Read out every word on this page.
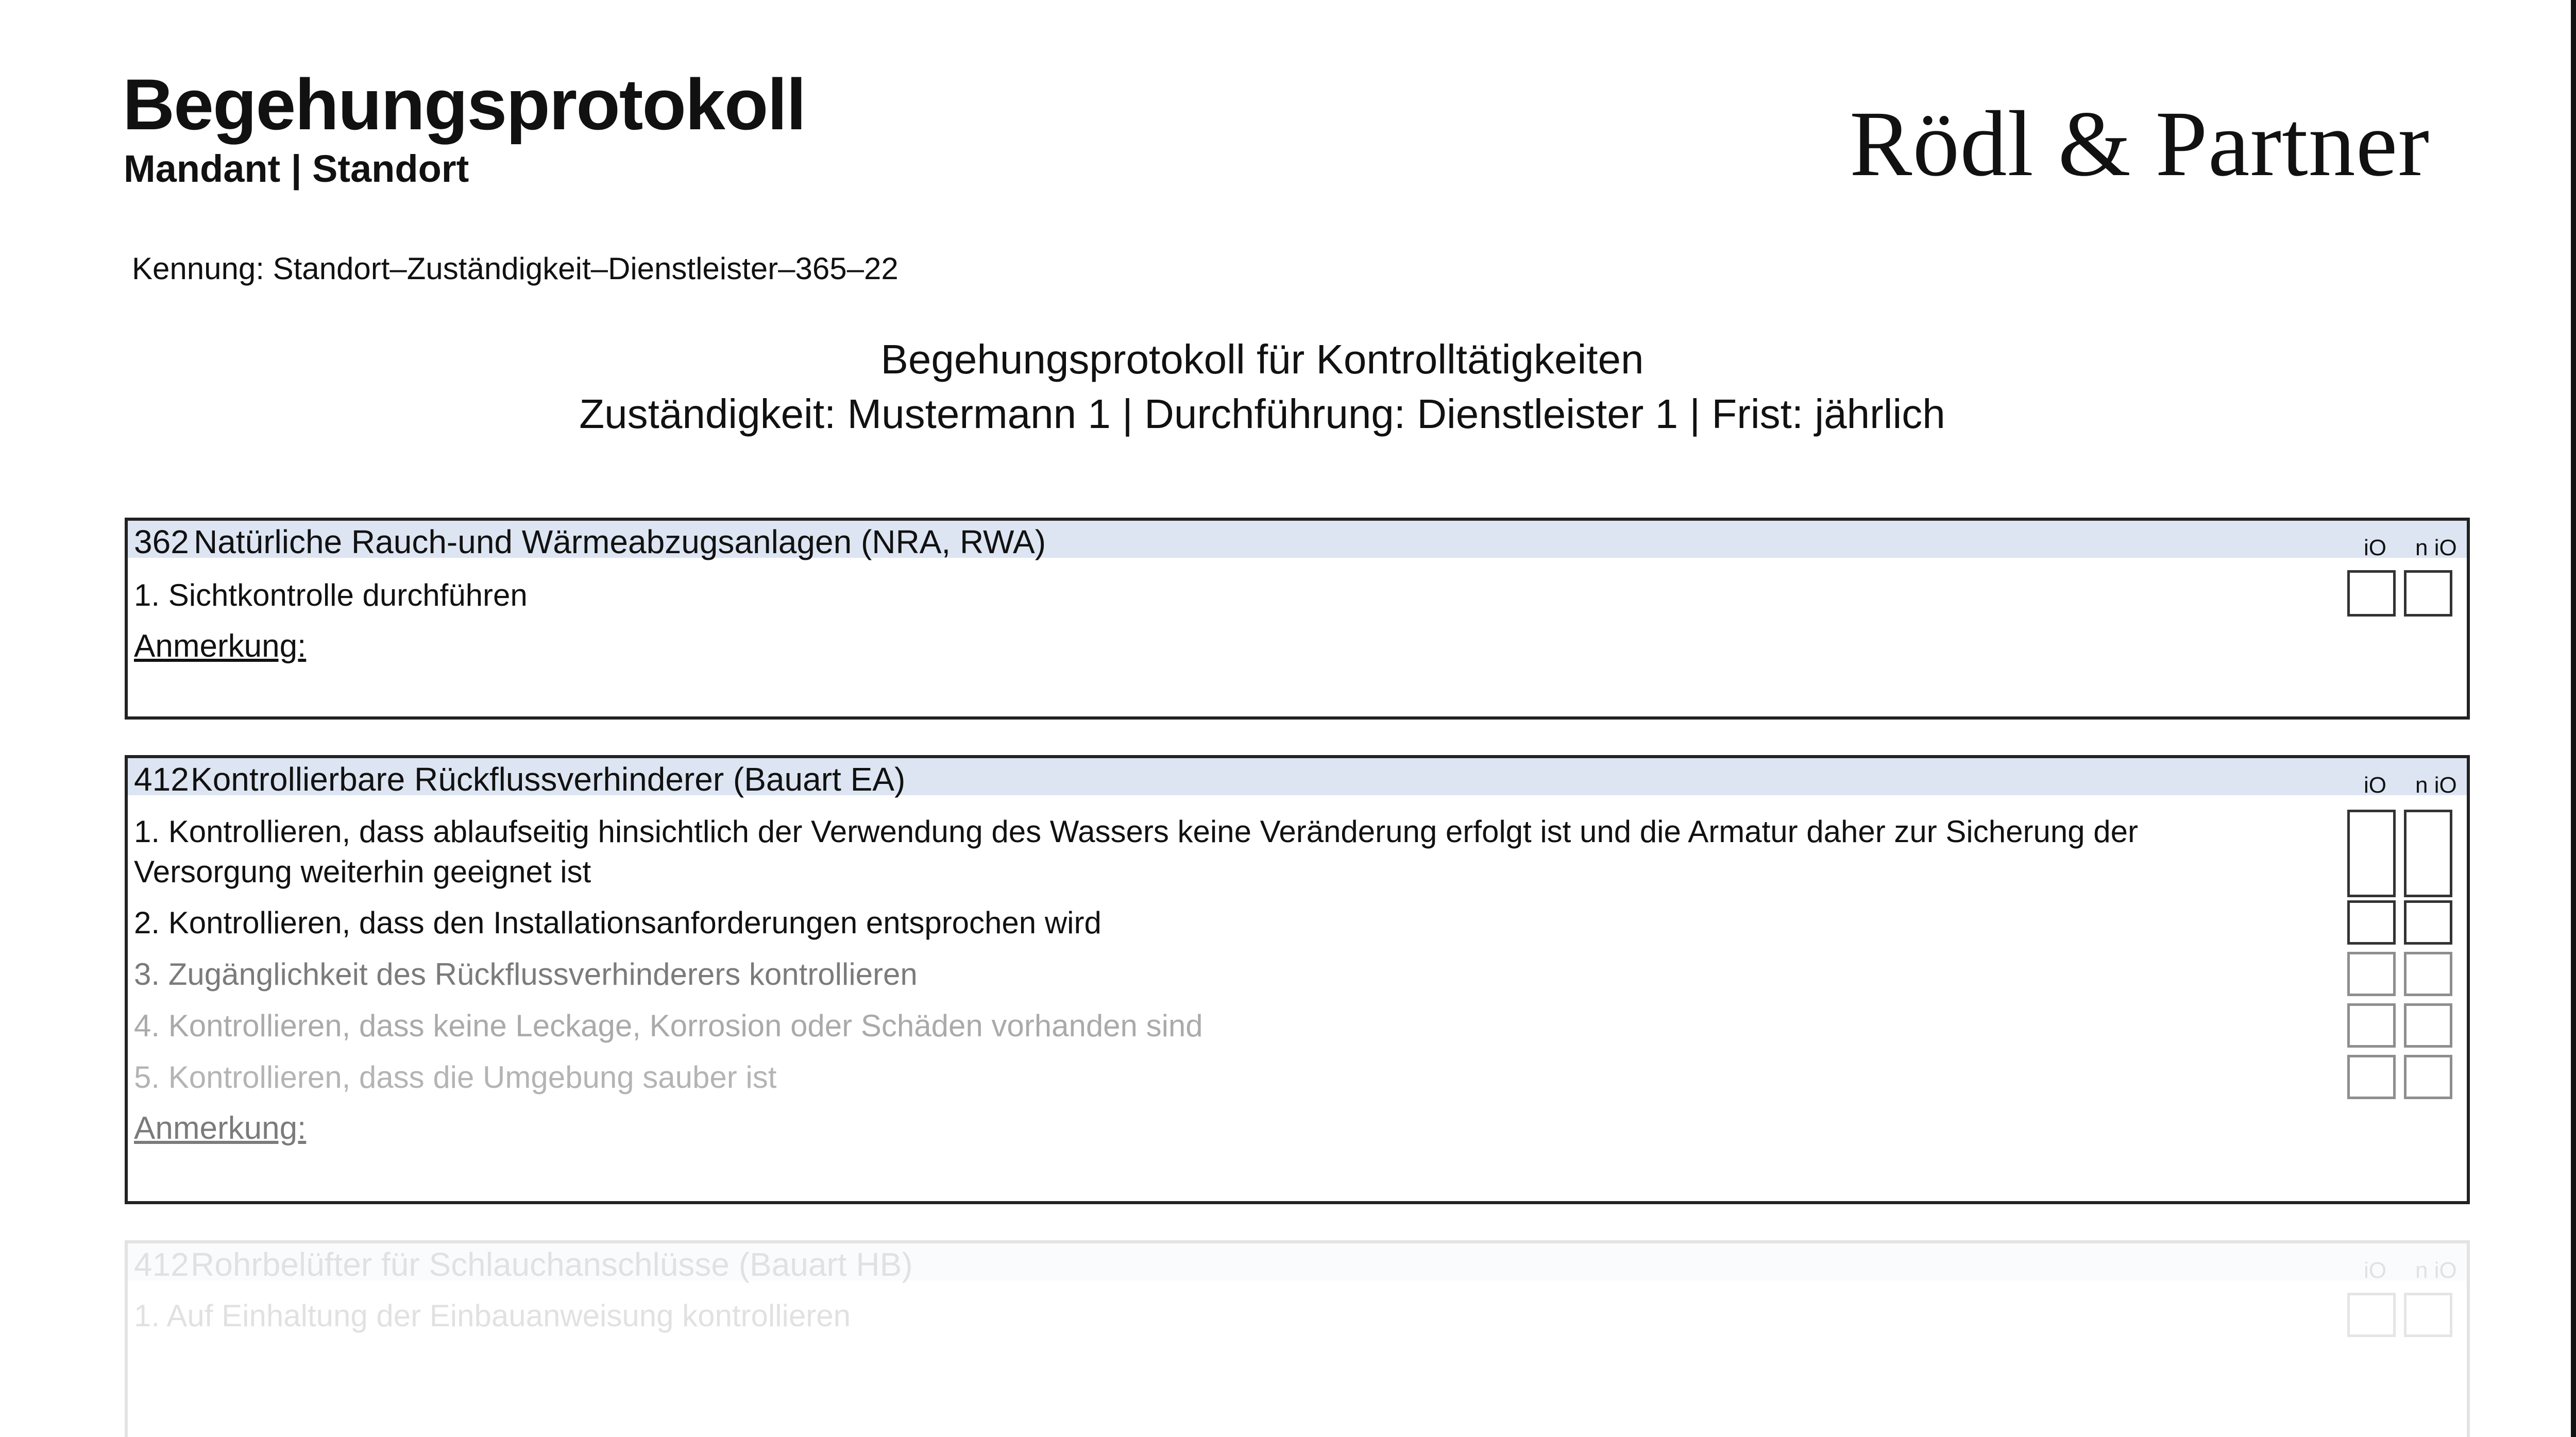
Begehungsprotokoll
Mandant | Standort	Rödl & Partner
Kennung: Standort–Zuständigkeit–Dienstleister–365–22
Begehungsprotokoll für Kontrolltätigkeiten
Zuständigkeit: Mustermann 1 | Durchführung: Dienstleister 1 | Frist: jährlich
362 Natürliche Rauch-und Wärmeabzugsanlagen (NRA, RWA)	iO n iO
1. Sichtkontrolle durchführen
Anmerkung:
412 Kontrollierbare Rückflussverhinderer (Bauart EA)	iO n iO
1. Kontrollieren, dass ablaufseitig hinsichtlich der Verwendung des Wassers keine Veränderung erfolgt ist und die Armatur daher zur Sicherung der Versorgung weiterhin geeignet ist
2. Kontrollieren, dass den Installationsanforderungen entsprochen wird
3. Zugänglichkeit des Rückflussverhinderers kontrollieren
4. Kontrollieren, dass keine Leckage, Korrosion oder Schäden vorhanden sind
5. Kontrollieren, dass die Umgebung sauber ist
Anmerkung:
412 Rohrbelüfter für Schlauchanschlüsse (Bauart HB)	iO n iO
1. Auf Einhaltung der Einbauanweisung kontrollieren
